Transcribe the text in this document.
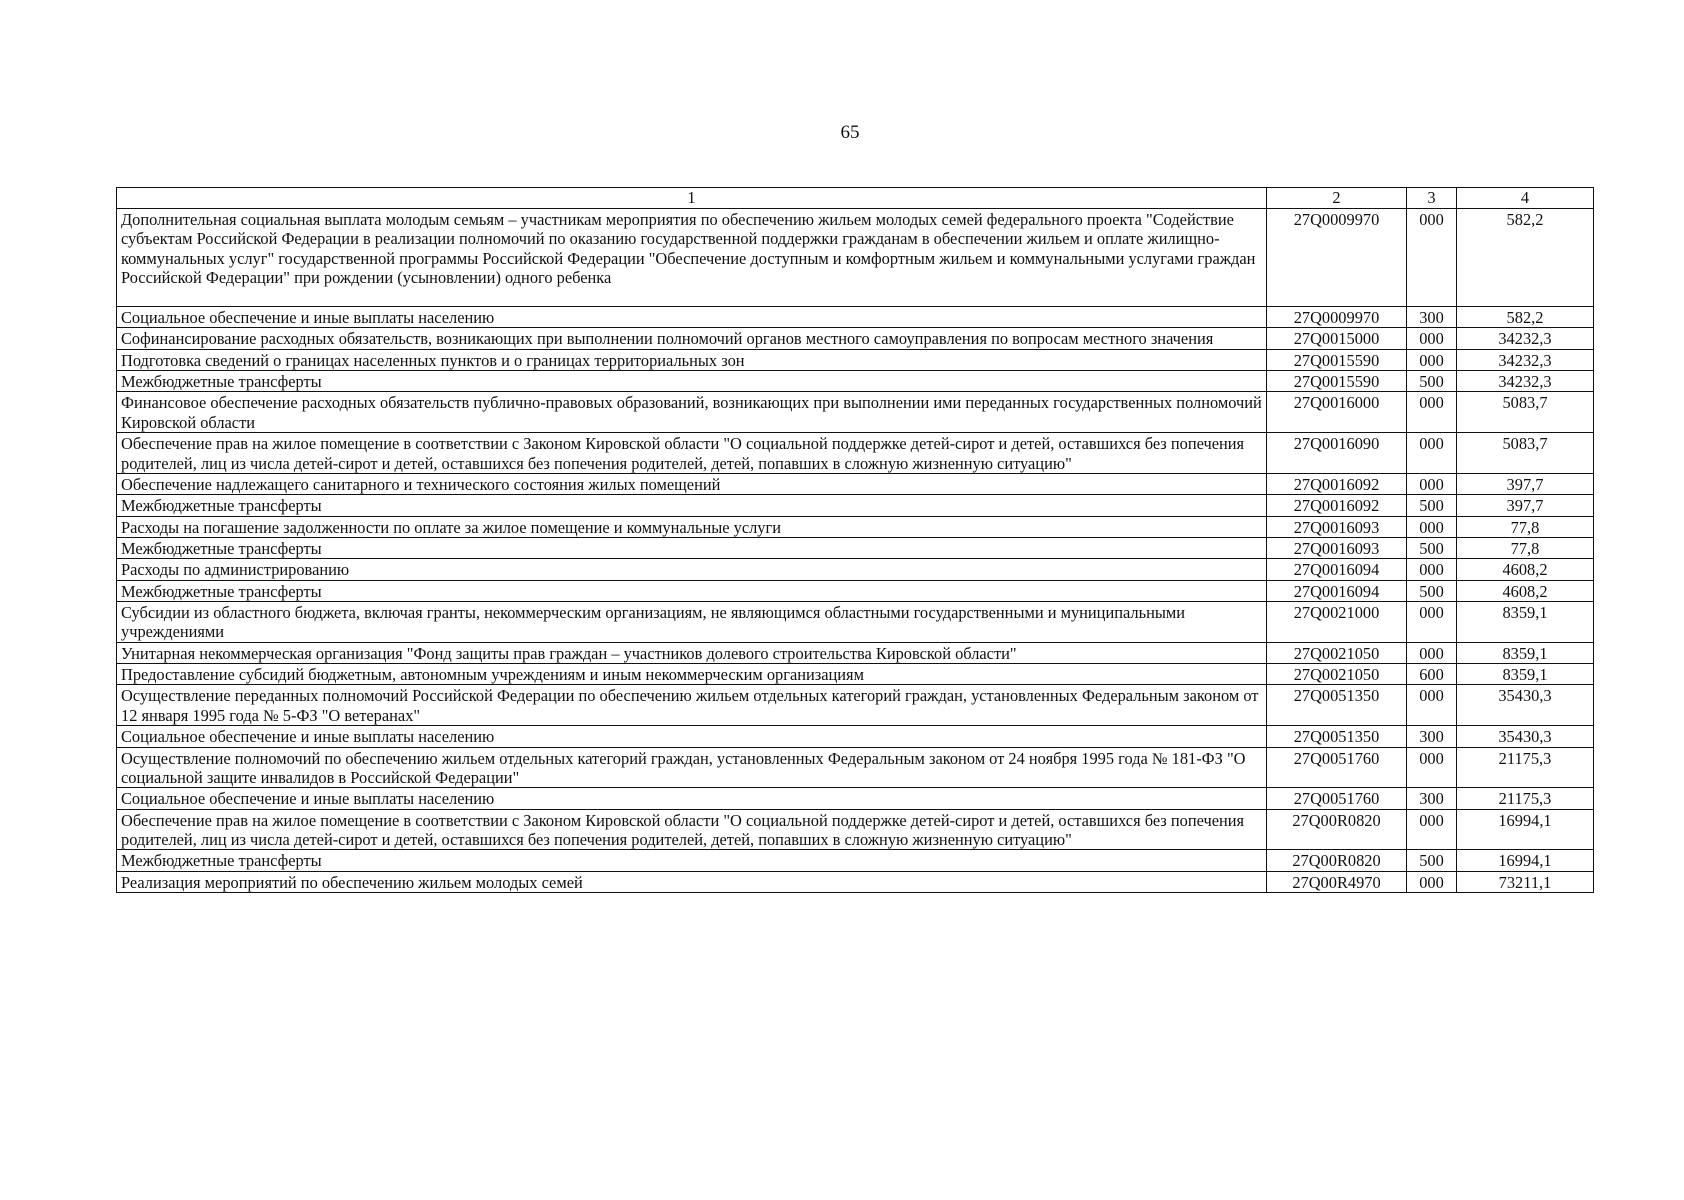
65
1	2	3	4
Дополнительная социальная выплата молодым семьям – участникам мероприятия по обеспечению жильем молодых семей федерального проекта "Содействие субъектам Российской Федерации в реализации полномочий по оказанию государственной поддержки гражданам в обеспечении жильем и оплате жилищно-коммунальных услуг" государственной программы Российской Федерации "Обеспечение доступным и комфортным жильем и коммунальными услугами граждан Российской Федерации" при рождении (усыновлении) одного ребенка	27Q0009970	000	582,2
Социальное обеспечение и иные выплаты населению	27Q0009970	300	582,2
Софинансирование расходных обязательств, возникающих при выполнении полномочий органов местного самоуправления по вопросам местного значения	27Q0015000	000	34232,3
Подготовка сведений о границах населенных пунктов и о границах территориальных зон	27Q0015590	000	34232,3
Межбюджетные трансферты	27Q0015590	500	34232,3
Финансовое обеспечение расходных обязательств публично-правовых образований, возникающих при выполнении ими переданных государственных полномочий Кировской области	27Q0016000	000	5083,7
Обеспечение прав на жилое помещение в соответствии с Законом Кировской области "О социальной поддержке детей-сирот и детей, оставшихся без попечения родителей, лиц из числа детей-сирот и детей, оставшихся без попечения родителей, детей, попавших в сложную жизненную ситуацию"	27Q0016090	000	5083,7
Обеспечение надлежащего санитарного и технического состояния жилых помещений	27Q0016092	000	397,7
Межбюджетные трансферты	27Q0016092	500	397,7
Расходы на погашение задолженности по оплате за жилое помещение и коммунальные услуги	27Q0016093	000	77,8
Межбюджетные трансферты	27Q0016093	500	77,8
Расходы по администрированию	27Q0016094	000	4608,2
Межбюджетные трансферты	27Q0016094	500	4608,2
Субсидии из областного бюджета, включая гранты, некоммерческим организациям, не являющимся областными государственными и муниципальными учреждениями	27Q0021000	000	8359,1
Унитарная некоммерческая организация "Фонд защиты прав граждан – участников долевого строительства Кировской области"	27Q0021050	000	8359,1
Предоставление субсидий бюджетным, автономным учреждениям и иным некоммерческим организациям	27Q0021050	600	8359,1
Осуществление переданных полномочий Российской Федерации по обеспечению жильем отдельных категорий граждан, установленных Федеральным законом от 12 января 1995 года № 5-ФЗ "О ветеранах"	27Q0051350	000	35430,3
Социальное обеспечение и иные выплаты населению	27Q0051350	300	35430,3
Осуществление полномочий по обеспечению жильем отдельных категорий граждан, установленных Федеральным законом от 24 ноября 1995 года № 181-ФЗ "О социальной защите инвалидов в Российской Федерации"	27Q0051760	000	21175,3
Социальное обеспечение и иные выплаты населению	27Q0051760	300	21175,3
Обеспечение прав на жилое помещение в соответствии с Законом Кировской области "О социальной поддержке детей-сирот и детей, оставшихся без попечения родителей, лиц из числа детей-сирот и детей, оставшихся без попечения родителей, детей, попавших в сложную жизненную ситуацию"	27Q00R0820	000	16994,1
Межбюджетные трансферты	27Q00R0820	500	16994,1
Реализация мероприятий по обеспечению жильем молодых семей	27Q00R4970	000	73211,1
